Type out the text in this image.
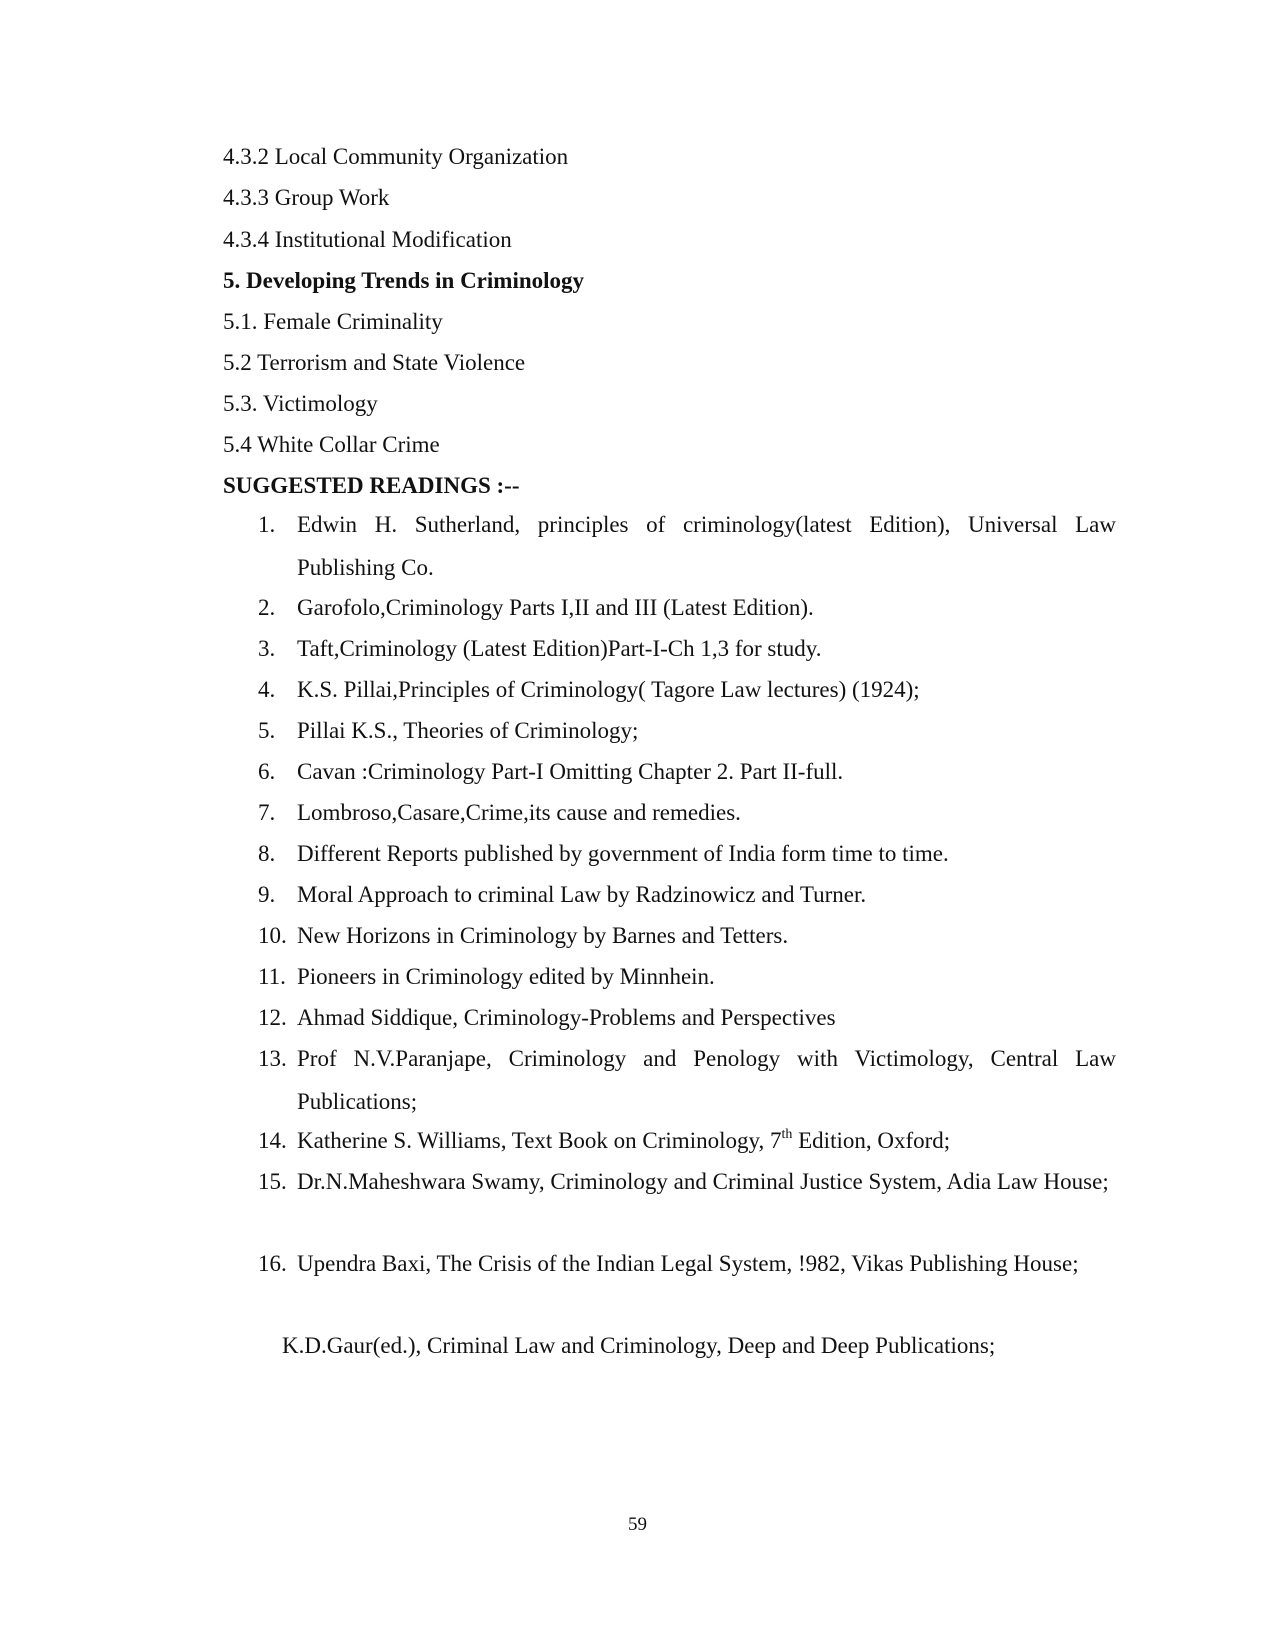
4.3.2 Local Community Organization
4.3.3 Group Work
4.3.4 Institutional Modification
5. Developing Trends in Criminology
5.1. Female Criminality
5.2 Terrorism and State Violence
5.3. Victimology
5.4 White Collar Crime
SUGGESTED READINGS :--
1. Edwin H. Sutherland, principles of criminology(latest Edition), Universal Law Publishing Co.
2. Garofolo,Criminology Parts I,II and III (Latest Edition).
3. Taft,Criminology (Latest Edition)Part-I-Ch 1,3 for study.
4. K.S. Pillai,Principles of Criminology( Tagore Law lectures) (1924);
5. Pillai K.S., Theories of Criminology;
6. Cavan :Criminology Part-I Omitting Chapter 2. Part II-full.
7. Lombroso,Casare,Crime,its cause and remedies.
8. Different Reports published by government of India form time to time.
9. Moral Approach to criminal Law by Radzinowicz and Turner.
10. New Horizons in Criminology by Barnes and Tetters.
11. Pioneers in Criminology edited by Minnhein.
12. Ahmad Siddique, Criminology-Problems and Perspectives
13. Prof N.V.Paranjape, Criminology and Penology with Victimology, Central Law Publications;
14. Katherine S. Williams, Text Book on Criminology, 7th Edition, Oxford;
15. Dr.N.Maheshwara Swamy, Criminology and Criminal Justice System, Adia Law House;
16. Upendra Baxi, The Crisis of the Indian Legal System, !982, Vikas Publishing House;
K.D.Gaur(ed.), Criminal Law and Criminology, Deep and Deep Publications;
59
